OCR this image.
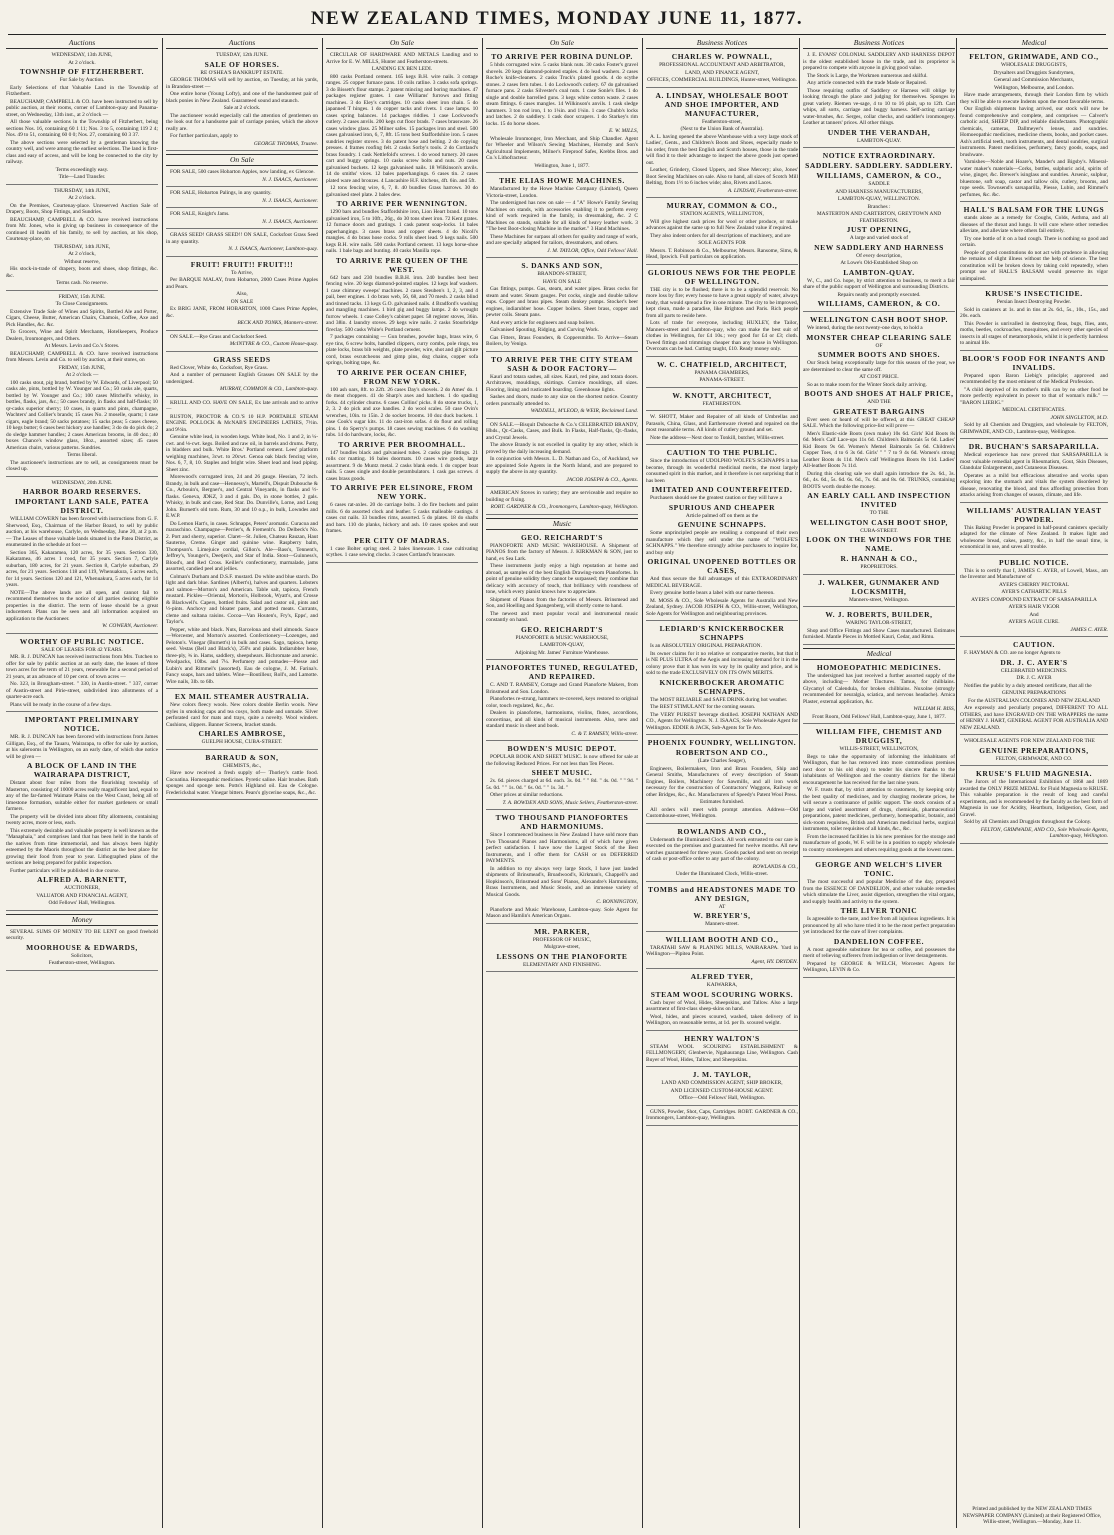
NEW ZEALAND TIMES, MONDAY JUNE 11, 1877.
Auctions

WEDNESDAY, 13th JUNE,

At 2 o'clock.

TOWNSHIP OF FITZHERBERT.

For Sale by Auction.

Early Selections of that Valuable Land in the Township of Fitzherbert.

BEAUCHAMP, CAMPBELL & CO. have been instructed to sell by public auction, at their rooms, corner of Lambton-quay and Panama-street, on Wednesday, 13th inst., at 2 o'clock —

All those valuable sections in the Township of Fitzherbert, being sections Nos. 16, containing 60 1 11; Nos. 3 to 5, containing 119 2 4; Nos. 49 to 51, containing 60 0 0; Nos. 27, containing 60 3 37.

The above sections were selected by a gentleman knowing the country well, and were among the earliest selections. The land is first-class and easy of access, and will be long be connected to the city by railway.

Terms exceedingly easy.

Title—Land Transfer.

THURSDAY, 14th JUNE,

At 2 o'clock.

On the Premises, Courtenay-place. Unreserved Auction Sale of Drapery, Boots, Shop Fittings, and Sundries.

BEAUCHAMP, CAMPBELL & CO. have received instructions from Mr. Jones, who is giving up business in consequence of the continued ill health of his family, to sell by auction, at his shop, Courtenay-place, on

THURSDAY, 14th JUNE,

At 2 o'clock,

Without reserve,

His stock-in-trade of drapery, boots and shoes, shop fittings, &c. &c.

Terms cash. No reserve.

FRIDAY, 15th JUNE.

To Close Consignments.

Extensive Trade Sale of Wines and Spirits, Bottled Ale and Porter, Cigars, Cheese, Butter, American Chairs, Chamois, Coffee, Axe and Pick Handles, &c. &c.

To Grocers, Wine and Spirit Merchants, Hotelkeepers, Produce Dealers, Ironmongers, and Others.

At Messrs. Levin and Co.'s Stores.

BEAUCHAMP, CAMPBELL & CO. have received instructions from Messrs. Levin and Co. to sell by auction, at their stores, on

FRIDAY, 15th JUNE,

At 2 o'clock —

100 casks stout, pig brand, bottled by W. Edwards, of Liverpool; 50 casks ale, pints, bottled by W. Younger and Co.; 50 casks ale, quarts, bottled by W. Younger and Co.; 100 cases Mitchell's whisky, in bottles, flasks, jars, &c.; 50 cases brandy, in flasks and half-flasks; 10 qr-casks superior sherry; 10 cases, in quarts and pints, champagne, Wachters' and Collier's brands; 15 cases No. 2 moselle, quarts; 1 case cigars, eagle brand; 50 sacks potatoes; 15 sacks peas; 5 cases cheese, 10 kegs butter; 6 cases best hickory axe handles; 3 do do do pick do; 2 do sledge hammer handles; 2 cases American brooms, in 40 doz.; 40 boxes Chance's window glass, 18oz., assorted sizes; 45 cases American chairs, various patterns. Sundries.

Terms liberal.

The auctioneer's instructions are to sell, as consignments must be closed up.

WEDNESDAY, 20th JUNE.

HARBOR BOARD RESERVES.

IMPORTANT LAND SALE, PATEA DISTRICT.

WILLIAM COWERN has been favored with instructions from G. F. Sherwood, Esq., Chairman of the Harbor Board, to sell by public auction, at his warehouse, Carlyle, on Wednesday, June 20, at 2 p.m. — The Leases of those valuable lands situated in the Patea District, as enumerated in the schedule at foot —

Section 365, Kakaramea, 120 acres, for 35 years. Section 330, Kakaramea, 46 acres 1 rood, for 35 years. Section 7, Carlyle suburban, 180 acres, for 21 years. Section 8, Carlyle suburban, 29 acres, for 21 years. Sections 118 and 119, Whenuakura, 5 acres each, for 14 years. Sections 120 and 121, Whenuakura, 5 acres each, for 14 years.

NOTE—The above lands are all open, and cannot fail to recommend themselves to the notice of all parties desiring eligible properties in the district. The term of lease should be a great inducement. Plans can be seen and all information acquired on application to the Auctioneer.

W. COWERN, Auctioneer.

WORTHY OF PUBLIC NOTICE.

SALE OF LEASES FOR 42 YEARS.

MR. R. J. DUNCAN has received instructions from Mrs. Tutchen to offer for sale by public auction at an early date, the leases of three town acres for the term of 21 years, renewable for a second period of 21 years, at an advance of 10 per cent. of town acres —

No. 323, in Brougham-street. " 330, in Austin-street. " 337, corner of Austin-street and Pirie-street, subdivided into allotments of a quarter-acre each.

Plans will be ready in the course of a few days.

IMPORTANT PRELIMINARY NOTICE.

MR. R. J. DUNCAN has been favored with instructions from James Gilligan, Esq., of the Tauaru, Wairarapa, to offer for sale by auction, at his salerooms in Wellington, on an early date, of which due notice will be given —

A BLOCK OF LAND IN THE WAIRARAPA DISTRICT,

Distant about four miles from the flourishing township of Masterton, consisting of 10000 acres really magnificent land, equal to any of the far-famed Waimate Plains on the West Coast, being all of limestone formation, suitable either for market gardeners or small farmers.

The property will be divided into about fifty allotments, containing twenty acres, more or less, each.

This extremely desirable and valuable property is well known as the "Manaphaia," and comprises land that has been held in the hands of the natives from time immemorial, and has always been highly esteemed by the Maoris throughout the district as the best place for growing their food from year to year. Lithographed plans of the sections are being prepared for public inspection.

Further particulars will be published in due course.

ALFRED A. BARNETT,

AUCTIONEER,

VALUATOR AND FINANCIAL AGENT,

Odd Fellows' Hall, Wellington.

Money

SEVERAL SUMS OF MONEY TO BE LENT on good freehold security.

MOORHOUSE & EDWARDS,

Solicitors,

Featherston-street, Wellington.

Auctions

TUESDAY, 12th JUNE.

SALE OF HORSES.

RE O'SHEA'S BANKRUPT ESTATE.

GEORGE THOMAS will sell by auction, on Tuesday, at his yards, in Brandon-street —

One entire horse (Young Lofty), and one of the handsomest pair of black ponies in New Zealand. Guaranteed sound and staunch.

Sale at 2 o'clock.

The auctioneer would especially call the attention of gentlemen on the look out for a handsome pair of carriage ponies, which the above really are.

For further particulars, apply to

GEORGE THOMAS, Trustee.

On Sale

FOR SALE, 500 cases Hobarton Apples, now landing, ex Glencoe.

N. J. ISAACS, Auctioneer.

FOR SALE, Hobarton Palings, in any quantity.

N. J. ISAACS, Auctioneer.

FOR SALE, Knight's Jams.

N. J. ISAACS, Auctioneer.

GRASS SEED! GRASS SEED!! ON SALE, Cocksfoot Grass Seed in any quantity.

N. J. ISAACS, Auctioneer, Lambton-quay.

FRUIT! FRUIT!! FRUIT!!!

To Arrive,

Per BARQUE MALAY, from Hobarton, 2000 Cases Prime Apples and Pears.

Also,

ON SALE

Ex BRIG JANE, FROM HOBARTON, 1000 Cases Prime Apples, &c.

BECK AND TONKS, Manners-street.

ON SALE.—Rye Grass and Cocksfoot Seed.

McINTYRE & CO., Custom House-quay.

GRASS SEEDS

Red Clover, White do, Cocksfoot, Rye Grass.

And a number of permanent English Grasses ON SALE by the undersigned.

MURRAY, COMMON & CO., Lambton-quay.

KRULL AND CO. HAVE ON SALE, Ex late arrivals and to arrive—

RUSTON, PROCTOR & CO.'S 10 H.P. PORTABLE STEAM ENGINE. POLLOCK & McNAB'S ENGINEERS LATHES, 7½in. and 9½in.

Genuine white lead, in wooden kegs. White lead, No. 1 and 2, in ¼-cwt. and ⅛-cwt. kegs. Boiled and raw oil, in barrels and drums. Putty, in bladders and bulk. White Bros.' Portland cement. Lees' platform weighing machines, 3cwt. to 20cwt. Genoa oak black fencing wire, Nos. 6, 7, 8, 10. Staples and bright wire. Sheet lead and lead piping. Sheet zinc.

Morewood's corrugated iron, 24 and 26 gauge. Hessian, 72 inch. Brandy, in bulk and case—Hennessy's, Martell's, Dispuit Dubouche & Co., Arbouin's, Bergner's, and Central Vineyards, in flasks and ½-flasks. Geneva, JDKZ, 3 and 4 gals. Do, in stone bottles, 2 gals. Whisky, in bulk and case, Red Star. Do. Dunville's, Lorne, and Long John. Burnett's old tom. Rum, 30 and 10 o.p., in bulk, Lowndes and E.W.P.

Do Lemon Hart's, in cases. Schnapps, Peters' aromatic. Curacoa and maraschino. Champagne—Perrier's, & Fremenlt's. Do Delbeck's No. 2. Port and sherry, superior. Claret—St. Julien, Chateau Rauzan, Haut Sauterne, Creme. Ginger and quinine wine. Raspberry balm, Thompson's. Limejuice cordial, Gillon's. Ale—Bass's, Tennent's, Jeffrey's, Younger's, Deetjen's, and Star of India. Stout—Guinness's, Blood's, and Red Cross. Keiller's confectionery, marmalade, jams assorted, candied peel and jellies.

Colman's Durham and D.S.F. mustard. Do white and blue starch. Do light and dark blue. Sardines (Albert's), halves and quarters. Lobsters and salmon—Morton's and American. Table salt, tapioca, French mustard. Pickles—Oriental, Morton's, Holbrook, Wyatt's, and Crosse & Blackwell's. Capers, bottled fruits. Salad and castor oil, pints and ½-pints. Anchovy and bloater paste, and potted meats. Currants, cleme and sultana raisins. Cocoa—Van Houten's, Fry's, Epps', and Taylor's.

Pepper, white and black. Nuts, Barcelona and shell almonds. Sauce—Worcester, and Morton's assorted. Confectionery—Lozenges, and Peloton's. Vinegar (Burnett's) in bulk and cases. Sago, tapioca, hemp seed. Vestas (Bell and Black's), 250's and plaids. Indiarubber hose, three-ply, ¾ in. Hams, saddlery, sheepshears. Bichromate and arsenic. Woolpacks, 10lbs. and 7¼. Perfumery and pomades—Piesse and Lubin's and Rimmel's (assorted). Eau de cologne, J. M. Farina's. Fancy soaps, bars and tablets. Wine—Boutilleur, Roll's, and Lamotte. Wire nails, 3lb. to 6lb.

EX MAIL STEAMER AUSTRALIA.

New colors fleecy wools. New colors double Berlin wools. New styles in smoking caps and tea cosys, both made and unmade. Silver perforated card for mats and trays, quite a novelty. Wool winders. Cushions, slippers. Banner Screens, bracket stands.

CHARLES AMBROSE,

GUELPH HOUSE, CUBA-STREET.

BARRAUD & SON,

CHEMISTS, &c.,

Have now received a fresh supply of— Thorley's cattle food. Cocoatina. Homeopathic medicines. Pyretic saline. Hair brushes. Bath sponges and sponge nets. Potts's Highland oil. Eau de Cologne. Fredericksbal water. Vinegar bitters. Pears's glycerine soaps, &c., &c.

On Sale

CIRCULAR OF HARDWARE AND METALS Landing and to Arrive for E. W. MILLS, Hunter and Featherston-streets.

LANDING EX BEN LEDI.

800 casks Portland cement. 165 kegs B.H. wire nails. 3 cottage ranges. 25 copper furnace pans. 10 coils ratline. 3 casks sofa springs. 3 do Bissett's flour stamps. 2 patent mincing and boring machines. 47 packages register grates. 1 case Williams' furrows and fitting machines. 3 do Eley's cartridges. 10 casks sheet iron chain. 5 do japanned T hinges. 1 do copper tacks and rivets. 1 case lamps. 10 cases spring balances. 14 packages riddles. 1 case Lockwood's cutlery. 2 cases anvils. 200 kegs cut floor brads. 7 cases brassware. 26 cases window glass. 25 Milner safes. 15 packages iron and steel. 500 cases galvanised iron, 6, 7, 8ft. 15 tons best Staffordshire iron. 5 cases sundries register stoves. 3 do patent hose and belting. 2 do copying presses. 4 frames roofing felt. 2 casks Sorby's tools. 2 do Cortland's brass foundry. 1 cask Nettlefold's screws. 1 do wood turnery. 20 cases cart and buggy springs. 10 casks screw bolts and nuts. 20 cases galvanised buckets. 12 kegs galvanised nails. 18 Wilkinson's anvils. 14 do smiths' vices. 12 bales paperhangings. 6 cases tin. 2 cases plated ware and bronzes. 4 Lancashire H.F. kitchens, 4ft. 6in. and 5ft.

12 tons fencing wire, 6, 7, 8. 40 bundles Grass harrows. 30 do galvanised steel plate. 2 bales dew.

TO ARRIVE PER WENNINGTON.

1290 bars and bundles Staffordshire iron, Lion Heart brand. 10 tons galvanised iron, 5 to 10ft., 26g., do 30 tons sheet iron. 72 Kent grates. 12 furnace doors and gratings. 1 cask patent soap-locks. 14 bales paperhangings. 3 cases brass and copper sheets. 4 do Nicoll's mangles. 4 do brass hose cocks. 9 rolls sheet lead. 9 kegs nails. 500 kegs B.H. wire nails. 500 casks Portland cement. 13 kegs horse-shoe nails. 1 bale bags and bunting. 40 casks Manilla rope.

TO ARRIVE PER QUEEN OF THE WEST.

642 bars and 230 bundles B.B.H. iron. 240 bundles best best fencing wire. 20 kegs diamond-pointed staples. 12 kegs leaf washers. 1 case chimney sweeps' machines. 2 cases Steuben's 1, 2, 3, and 4 pail, beer engines. 1 do brass web, 56, 68, and 70 mesh. 2 casks blind and tinned tacks. 13 kegs G.O. galvanised nails. 4 Bradford's washing and mangling machines. 1 bird gig and buggy lamps. 2 do wrought furrow wheels. 1 case Colley's cabinet paper. 58 register stoves, 36in. and 38in. 4 laundry stoves. 29 kegs wire nails. 2 casks Stourbridge fireclay. 500 casks White's Portland cement.

7 packages containing — Gun brushes, powder bags, brass wire, 6 eye tins, 6 screw bolts, handled clippers, curry combs, pole rings, tea plate locks, brass bib weights, plate powder, wire, shot and gilt picture cord, brass escutcheons and gimp pins, dog chains, copper sofa springs, bolting tape, &c.

TO ARRIVE PER OCEAN CHIEF, FROM NEW YORK.

100 ash oars, 8ft. to 22ft. 26 cases Day's shovels. 2 do Ames' do. 1 do meat choppers. 41 do Sharp's axes and hatchets. 1 do spading forks. 44 cylinder churns. 6 cases Collins' picks. 8 do stone trucks, 1, 2, 3. 2 do pick and axe handles. 2 do wool scales. 50 case Ovin's wrenches, 10in. to 15in. 2 do socket brooms. 10 doz duck buckets. 1 case Cook's sugar kits. 11 do cast-iron sofas. 4 do flour and rolling pins. 1 do Sperry's pumps. 18 cases sewing machines. 6 do washing tubs. 14 do hardware, locks, &c.

TO ARRIVE PER BROOMHALL.

147 bundles black and galvanised tubes. 2 casks pipe fittings. 21 rolls cor matting. 16 bales doormats. 10 cases wire goods, large assortment. 9 do Muntz metal. 2 casks blank ends. 1 do copper boat nails. 5 cases single and double perambulators. 1 cask gas screws. 4 cases brass goods.

TO ARRIVE PER ELSINORE, FROM NEW YORK.

6 cases rat-axles. 20 do carriage bolts. 3 do fire buckets and paint mills. 6 do assorted clock and leather. 5 casks malleable castings. 4 cases cut nails. 33 bundles rims, assorted. 5 do plates. 18 do shafts and bars. 110 do planks, hickory and ash. 10 cases spokes and seat frames.

PER CITY OF MADRAS.

1 case Bolter spring steel. 2 bales linenware. 1 case cultivating scythes. 1 case sewing clocks. 3 cases Cortland's brassware.

On Sale

TO ARRIVE PER ROBINA DUNLOP.

5 hhds corrugated wire. 5 casks blank nuts. 30 casks Foster's gravel shovels. 20 kegs diamond-pointed staples. 4 do lead washers. 2 cases Roche's knife-cleaners. 2 casks Truck's plated goods. 4 do scythe stones. 2 cases fern tubes. 1 do Lockwood's cutlery. 67 do galvanised furnace pans. 2 casks Silvester's coal nuts. 1 case Sonle's files. 1 do single and double barrelled guns. 3 kegs white cotton waste. 2 cases steam fittings. 6 cases mangles. 14 Wilkinson's anvils. 1 cask sledge hammers. 3 ton rod iron, 1 to 1¼in. and 1¼in. 1 case Chubb's locks and latches. 2 do saddlery. 1 cask door scrapers. 1 do Starkey's rim locks. 15 do horse shoes.

E. W. MILLS,

Wholesale Ironmonger, Iron Merchant, and Ship Chandler. Agent for Wheeler and Wilson's Sewing Machines, Hornsby and Son's Agricultural Implements, Milner's Fireproof Safes, Krebbs Bros. and Co.'s Lithofracteur.

Wellington, June 1, 1877.

THE ELIAS HOWE MACHINES.

Manufactured by the Howe Machine Company (Limited), Queen Victoria-street, London.

The undersigned has now on sale — 4 "A" Howe's Family Sewing Machines on stands, with accessories enabling it to perform every kind of work required in the family, in dressmaking, &c. 2 C Machines on stands, suitable for all kinds of heavy leather work. 3 "The best Boot-closing Machine in the market." 3 Hand Machines.

These Machines for surpass all others for quality and range of work, and are specially adapted for tailors, dressmakers, and others.

J. M. TAYLOR, Office, Odd Fellows' Hall.

S. DANKS AND SON,

BRANDON-STREET,

HAVE ON SALE

Gas fittings, pumps. Gas, steam, and water pipes. Brass cocks for steam and water. Steam gauges. Pot cocks, single and double tallow cups. Copper and brass pipes. Steam donkey pumps. Stocker's beer engines, indiarubber hose. Copper boilers. Sheet brass, copper and pewter coils. Steam pans.

And every article for engineers and soap boilers.

Galvanised Spouting, Ridging, and Curving Work.

Gas Fitters, Brass Founders, & Coppersmiths. To Arrive—Steam Boilers, by Venigo.

TO ARRIVE PER THE CITY STEAM SASH & DOOR FACTORY—

Kauri and totara sashes, all sizes. Kauri, red pine, and totara doors. Architraves, mouldings, skirtings. Cornice mouldings, all sizes. Flooring, lining and rusticated boarding. Greenhouse lights.

Sashes and doors, made to any size on the shortest notice. Country orders punctually attended to.

WADDELL, M'LEOD, & WEIR, Reclaimed Land.

ON SALE.—Bisquit Dubouche & Co.'s CELEBRATED BRANDY, Hhds., Qr.-Casks, Cases, and Bulk. In Flasks, Half-flasks, Qr.-flasks, and Crystal Jewels.

The above Brandy is not excelled in quality by any other, which is proved by the daily increasing demand.

In conjunction with Messrs. L. D. Nathan and Co., of Auckland, we are appointed Sole Agents in the North Island, and are prepared to supply the above in any quantity.

JACOB JOSEPH & CO., Agents.

AMERICAN Stoves in variety; they are serviceable and require no building or fixing.

ROBT. GARDNER & CO., Ironmongers, Lambton-quay, Wellington.

Music

GEO. REICHARDT'S

PIANOFORTE AND MUSIC WAREHOUSE. A Shipment of PIANOS from the factory of Messrs. J. KIRKMAN & SON, just to hand, ex Sea Lark.

These instruments justly enjoy a high reputation at home and abroad, as samples of the best English Drawing-room Pianofortes. In point of genuine solidity they cannot be surpassed; they combine that delicacy with accuracy of touch, that brilliancy with roundness of tone, which every pianist knows how to appreciate.

Shipment of Pianos from the factories of Messrs. Brinsmead and Son, and Hoelling and Spangenberg, will shortly come to hand.

The newest and most popular vocal and instrumental music constantly on hand.

GEO. REICHARDT'S

PIANOFORTE & MUSIC WAREHOUSE,

LAMBTON-QUAY,

Adjoining Mr. James' Furniture Warehouse.

PIANOFORTES TUNED, REGULATED, AND REPAIRED.

C. AND T. RAMSEY, Cottage and Grand Pianoforte Makers, from Brinsmead and Son. London.

Pianofortes re-strung, hammers re-covered, keys restored to original color, touch regulated, &c., &c.

Dealers in pianofortes, harmoniums, violins, flutes, accordions, concertinas, and all kinds of musical instruments. Also, new and standard music in sheet and book.

C. & T. RAMSEY, Willis-street.

BOWDEN'S MUSIC DEPOT.

POPULAR BOOK AND SHEET MUSIC. Is now offered for sale at the following Reduced Prices. For not less than Ten Pieces.

SHEET MUSIC.

2s. 6d. pieces charged at 6d. each. 3s. 0d. " " 8d. " 4s. 0d. " " 9d. " 5s. 0d. " " 1s. 0d. " 6s. 0d. " " 1s. 3d. "

Other prices at similar reductions.

T. A. BOWDEN AND SONS, Music Sellers, Featherston-street.

TWO THOUSAND PIANOFORTES AND HARMONIUMS.

Since I commenced business in New Zealand I have sold more than Two Thousand Pianos and Harmoniums, all of which have given perfect satisfaction. I have now the Largest Stock of the Best Instruments, and I offer them for CASH or on DEFERRED PAYMENTS.

In addition to my always very large Stock, I have just landed shipments of Brinsmead's, Broadwood's, Kirkman's, Chappell's and Hopkinson's, Brinsmead and Sons' Pianos, Alexandre's Harmoniums, Brass Instruments, and Music Stools, and an immense variety of Musical Goods.

C. BONNINGTON,

Pianoforte and Music Warehouse, Lambton-quay. Sole Agent for Mason and Hamlin's American Organs.

MR. PARKER,

PROFESSOR OF MUSIC,

Mulgrave-street,

LESSONS ON THE PIANOFORTE

ELEMENTARY AND FINISHING.

Business Notices

CHARLES W. POWNALL,

PROFESSIONAL ACCOUNTANT AND ARBITRATOR,

LAND, AND FINANCE AGENT,

OFFICES, COMMERCIAL BUILDINGS, Hunter-street, Wellington.

A. LINDSAY, WHOLESALE BOOT AND SHOE IMPORTER, AND MANUFACTURER,

Featherston-street,

(Next to the Union Bank of Australia).

A. L. having opened the above Warehouse with a very large stock of Ladies', Gents., and Children's Boots and Shoes, especially made to his order, from the best English and Scotch houses, those in the trade will find it to their advantage to inspect the above goods just opened out.

Leather, Grindery, Closed Uppers, and Shoe Mercery; also, Jones' Boot Sewing Machines on sale. Also to hand, all sizes of Scotch Mill Belting, from 1½ to 6 inches wide; also, Rivets and Laces.

A. LINDSAY, Featherston-street.

MURRAY, COMMON & CO.,

STATION AGENTS, WELLINGTON,

Will give highest cash prices for wool or other produce, or make advances against the same up to full New Zealand value if required.

They also indent orders for all descriptions of machinery, and are

SOLE AGENTS FOR

Messrs. T. Robinson & Co., Melbourne; Messrs. Ransome, Sims, & Head, Ipswich. Full particulars on application.

GLORIOUS NEWS FOR THE PEOPLE OF WELLINGTON.

THE city is to be flushed; there is to be a splendid reservoir. No more loss by fire; every house to have a great supply of water, always ready, that would spread a fire in one minute. The city to be improved, kept clean, made a paradise, like Brighton and Paris. Rich people from all parts to reside here.

Lots of trade for everyone, including HUXLEY, the Tailor, Manners-street and Lambton-quay, who can make the best suit of clothes in Wellington, for £4 10s.; very good for £4 or £3; cloth. Tweed fittings and trimmings cheaper than any house in Wellington. Overcoats can be had. Cutting taught, £10. Ready money only.

W. C. CHATFIELD, ARCHITECT,

PANAMA CHAMBERS,

PANAMA-STREET.

W. KNOTT, ARCHITECT,

FEATHERSTON.

W. SHOTT, Maker and Repairer of all kinds of Umbrellas and Parasols, China, Glass, and Earthenware riveted and repaired on the most reasonable terms. All kinds of cutlery ground and set.

Note the address—Next door to Tonkill, butcher, Willis-street.

CAUTION TO THE PUBLIC.

Since the introduction of UDOLPHO WOLFE'S SCHNAPPS it has become, through its wonderful medicinal merits, the most largely consumed spirit in this market, and it therefore is not surprising that it has been

IMITATED AND COUNTERFEITED.

Purchasers should see the greatest caution or they will have a

SPURIOUS AND CHEAPER

Article palmed off on them as the

GENUINE SCHNAPPS.

Some unprincipled people are retailing a compound of their own manufacture which they sell under the name of "WOLFE'S SCHNAPPS." We therefore strongly advise purchasers to inquire for, and buy only

ORIGINAL UNOPENED BOTTLES OR CASES,

And thus secure the full advantages of this EXTRAORDINARY MEDICAL BEVERAGE.

Every genuine bottle bears a label with our name thereon.

M. MOSS & CO., Sole Wholesale Agents for Australia and New Zealand, Sydney. JACOB JOSEPH & CO., Willis-street, Wellington, Sole Agents for Wellington and neighbouring provinces.

LEDIARD'S KNICKERBOCKER SCHNAPPS

Is an ABSOLUTELY ORIGINAL PREPARATION.

Its owner claims for it no relative or comparative merits, but that it is NE PLUS ULTRA of the Aegis and increasing demand for it in the colony prove that it has won its way by its quality and price, and is sold to the trade EXCLUSIVELY ON ITS OWN MERITS.

KNICKERBOCKER AROMATIC SCHNAPPS.

The MOST RELIABLE and SAFE DRINK during hot weather.

The BEST STIMULANT for the coming season.

The VERY PUREST beverage distilled. JOSEPH NATHAN AND CO., Agents for Wellington. N. J. ISAACS, Sole Wholesale Agent for Wellington. EDDIE & JACK, Sub-Agents for Te Aro.

PHOENIX FOUNDRY, WELLINGTON.

ROBERTSON AND CO.,

(Late Charles Seager),

Engineers, Boilermakers, Iron and Brass Founders, Ship and General Smiths, Manufacturers of every description of Steam Engines, Boilers, Machinery for Sawmills, and all iron work necessary for the construction of Contractors' Waggons, Railway or other Bridges, &c., &c. Manufacturers of Speedy's Patent Wool Press.

Estimates furnished.

All orders will meet with prompt attention. Address—Old Customhouse-street, Wellington.

ROWLANDS AND CO.,

Underneath the Illuminated Clock. All work entrusted to our care is executed on the premises and guaranteed for twelve months. All new watches guaranteed for three years. Goods packed and sent on receipt of cash or post-office order to any part of the colony.

ROWLANDS & CO.,

Under the Illuminated Clock, Willis-street.

TOMBS and HEADSTONES MADE TO ANY DESIGN,

AT

W. BREYER'S,

Manners-street.

WILLIAM BOOTH AND CO.,

TARATAHI SAW & PLANING MILLS, WAIRARAPA. Yard in Wellington—Pipitea Point.

Agent, HY. DRYDEN.

ALFRED TYER,

KAIWARRA,

STEAM WOOL SCOURING WORKS.

Cash buyer of Wool, Hides, Sheepskins, and Tallow. Also a large assortment of first-class sheep-skins on hand.

Wool, hides, and pieces scoured, washed, taken delivery of in Wellington, on reasonable terms, at 1d. per lb. scoured weight.

HENRY WALTON'S

STEAM WOOL SCOURING ESTABLISHMENT & FELLMONGERY, Glenbervie, Ngahauranga Line, Wellington. Cash Buyer of Wool, Hides, Tallow, and Sheepskins.

J. M. TAYLOR,

LAND AND COMMISSION AGENT, SHIP BROKER,

AND LICENSED CUSTOM-HOUSE AGENT.

Office—Odd Fellows' Hall, Wellington.

GUNS, Powder, Shot, Caps, Cartridges. ROBT. GARDNER & CO., Ironmongers, Lambton-quay, Wellington.

Business Notices

J. E. EVANS' COLONIAL SADDLERY AND HARNESS DEPOT is the oldest established house in the trade, and its proprietor is prepared to compete with anyone in giving good value.

The Stock is Large, the Workmen numerous and skilful.

Any article connected with the trade Made or Repaired.

Those requiring outfits of Saddlery or Harness will oblige by looking through the place and judging for themselves. Sponges in great variety. Riemen ve-sage, 4 to 10 to 16 plait, up to 12ft. Cart whips, all sorts, carriage and buggy harness. Self-acting carriage water-brushes, &c. Serges, collar checks, and saddler's ironmongery. Leather at tanners' prices. All other things.

UNDER THE VERANDAH,

LAMBTON-QUAY.

NOTICE EXTRAORDINARY.

SADDLERY. SADDLERY. SADDLERY.

WILLIAMS, CAMERON, & CO.,

SADDLE

AND HARNESS MANUFACTURERS,

LAMBTON-QUAY, WELLINGTON.

Branches :

MASTERTON AND CARTERTON, GREYTOWN AND FEATHERSTON.

JUST OPENING,

A large and varied stock of

NEW SADDLERY AND HARNESS

Of every description,

At Lowe's Old-Established Shop on

LAMBTON-QUAY.

W., C., and Co. hope, by strict attention to business, to merit a fair share of the public support of Wellington and surrounding Districts.

Repairs neatly and promptly executed.

WILLIAMS, CAMERON, & CO.

WELLINGTON CASH BOOT SHOP.

We intend, during the next twenty-one days, to hold a

MONSTER CHEAP CLEARING SALE

OF

SUMMER BOOTS AND SHOES.

Our Stock being exceptionally large for this season of the year, we are determined to clear the same off.

AT COST PRICE.

So as to make room for the Winter Stock daily arriving.

BOOTS AND SHOES AT HALF PRICE,

AND THE

GREATEST BARGAINS

Ever seen or heard of will be offered, at this GREAT CHEAP SALE. Which the following price-list will prove —

Men's Elastic-side Boots (own make) 10s 6d. Girls' Kid Boots 8s 6d. Men's Calf Lace-ups 11s 6d. Children's Balmorals 5s 6d. Ladies' Kid Boots 9s 6d. Women's Memel Balmorals 5s 6d. Children's Copper Toes, 4 to 6 3s 6d. Girls' " " 7 to 9 4s 6d. Women's strong Leather Boots 4s 11d. Men's calf Wellington Boots 8s 11d. Ladies' All-leather Boots 7s 11d.

During this clearing sale we shall again introduce the 2s. 6d., 3s. 6d., 4s. 6d., 5s. 6d. 6s. 6d., 7s. 6d. and 8s. 6d. TRUNKS, containing BOOTS worth double the money.

AN EARLY CALL AND INSPECTION INVITED

TO THE

WELLINGTON CASH BOOT SHOP,

CUBA-STREET.

LOOK ON THE WINDOWS FOR THE NAME.

R. HANNAH & CO.,

PROPRIETORS.

J. WALKER, GUNMAKER AND LOCKSMITH,

Manners-street, Wellington.

W. J. ROBERTS, BUILDER,

WARING TAYLOR-STREET,

Shop and Office Fittings and Show Cases manufactured. Estimates furnished. Mantle Pieces in Mottled Kauri, Cedar, and Rimu.

Medical

HOMOEOPATHIC MEDICINES.

The undersigned has just received a further assorted supply of the above, including— Mother Tinctures. Tamus, for chilblains. Glycamyl of Calendula, for broken chilblains. Nuxolne (strongly recommended for neuralgia, sciatica, and nervous headache). Arnica Plaster, external application, &c.

WILLIAM H. BISS,

Front Room, Odd Fellows' Hall, Lambton-quay, June 1, 1877.

WILLIAM FIFE, CHEMIST AND DRUGGIST,

WILLIS-STREET, WELLINGTON,

Begs to take the opportunity of informing the inhabitants of Wellington, that he has removed into more commodious premises next door to his old shop) to tender his sincere thanks to the inhabitants of Wellington and the country districts for the liberal encouragement he has received for the last nine years.

W. F. trusts that, by strict attention to customers, by keeping only the best quality of medicines, and by charging moderate prices, he will secure a continuance of public support. The stock consists of a large and varied assortment of drugs, chemicals, pharmaceutical preparations, patent medicines, perfumery, homeopathic, botanic, and sick-room requisites, British and American medicinal herbs, surgical instruments, toilet requisites of all kinds, &c., &c.

From the increased facilities in his new premises for the storage and manufacture of goods, W. F. will be in a position to supply wholesale to country storekeepers and others requiring goods at the lowest rates.

GEORGE AND WELCH'S LIVER TONIC.

The most successful and popular Medicine of the day, prepared from the ESSENCE OF DANDELION, and other valuable remedies which stimulate the Liver, assist digestion, strengthen the vital organs, and supply health and activity to the system.

THE LIVER TONIC

Is agreeable to the taste, and free from all injurious ingredients. It is pronounced by all who have tried it to be the most perfect preparation yet introduced for the cure of liver complaints.

DANDELION COFFEE.

A most agreeable substitute for tea or coffee, and possesses the merit of relieving sufferers from indigestion or liver derangements.

Prepared by GEORGE & WELCH, Worcester. Agents for Wellington, LEVIN & Co.

Medical

FELTON, GRIMWADE, AND CO.,

WHOLESALE DRUGGISTS,

Drysalters and Druggists Sundrymen,

General and Commission Merchants,

Wellington, Melbourne, and London.

Have made arrangements, through their London firm by which they will be able to execute Indents upon the most favorable terms.

Our English shipments having arrived, our stock will now be found comprehensive and complete, and comprises — Calvert's carbolic acid, SHEEP DIP, and reliable disinfectants. Photographic chemicals, cameras, Dallmeyer's lenses, and sundries. Homoeopathic medicines, medicine chests, books, and pocket cases. Ash's artificial teeth, tooth instruments, and dental sundries, surgical instruments. Patent medicines, perfumery, fancy goods, soaps, and brushware.

Varnishes—Noble and Hoare's, Mander's and Bigsby's. Mineral-water maker's materials—Corks, bottles, sulphuric acid, spirits of wine, ginger, &c. Brewer's isinglass and sundries. Arsenic, sulphur, bluestone, soft soap, castor and tallow oils, cutlery, brooms, and rope seeds. Townsend's sarsaparilla, Piesse, Lubin, and Rimmel's perfumes, &c. &c.

HALL'S BALSAM FOR THE LUNGS

stands alone as a remedy for Coughs, Colds, Asthma, and all diseases of the throat and lungs. It will cure where other remedies alleviate, and alleviate where others fail entirely.

Try one bottle of it on a bad cough. There is nothing so good and certain.

People of good constitutions do not act with prudence in allowing the remains of slight illness without the help of science. The best constitution will be broken down by taking cold repeatedly, when prompt use of HALL'S BALSAM would preserve its vigor unimpaired.

KRUSE'S INSECTICIDE.

Persian Insect Destroying Powder.

Sold in canisters at 1s. and in tins at 2s. 6d., 5s., 10s., 15s., and 20s. each.

This Powder is unrivalled in destroying fleas, bugs, flies, ants, moths, beetles, cockroaches, mosquitoes, and every other species of insects in all stages of metamorphosis, whilst it is perfectly harmless to animal life.

BLOOR'S FOOD FOR INFANTS AND INVALIDS.

Prepared upon Baron Liebig's principle; approved and recommended by the most eminent of the Medical Profession.

"A child deprived of its mother's milk can by no other food be more perfectly equivalent in power to that of woman's milk." — "BARON LIEBIG."

MEDICAL CERTIFICATES.

JOHN SINGLETON, M.D.

Sold by all Chemists and Druggists, and wholesale by FELTON, GRIMWADE, AND CO., Lambton-quay, Wellington.

DR. BUCHAN'S SARSAPARILLA.

Medical experience has now proved that SARSAPARILLA is most valuable remedial agent in Rheumatism, Gout, Skin Diseases, Glandular Enlargements, and Cutaneous Diseases.

Operates as a mild but efficacious alterative and works upon exploring into the stomach and vitals the system disordered by disease, renovating the blood, and thus affording protection from attacks arising from changes of season, climate, and life.

WILLIAMS' AUSTRALIAN YEAST POWDER.

This Baking Powder is prepared in half-pound canisters specially adapted for the climate of New Zealand. It makes light and wholesome bread, cakes, pastry, &c., in half the usual time, is economical in use, and saves all trouble.

PUBLIC NOTICE.

This is to certify that I, JAMES C. AYER, of Lowell, Mass., am the Inventor and Manufacturer of

AYER'S CHERRY PECTORAL

AYER'S CATHARTIC PILLS

AYER'S COMPOUND EXTRACT OF SARSAPARILLA

AYER'S HAIR VIGOR

And

AYER'S AGUE CURE.

JAMES C. AYER.

CAUTION.

F. HAYMAN & CO. are no longer Agents to

DR. J. C. AYER'S

CELEBRATED MEDICINES.

DR. J. C. AYER

Notifies the public by a duly attested certificate, that all the

GENUINE PREPARATIONS

For the AUSTRALIAN COLONIES AND NEW ZEALAND

Are expressly and peculiarly prepared, DIFFERENT TO ALL OTHERS, and have ENGRAVED ON THE WRAPPERS the name of HENRY J. HART, GENERAL AGENT FOR AUSTRALIA AND NEW ZEALAND.

WHOLESALE AGENTS FOR NEW ZEALAND FOR THE

GENUINE PREPARATIONS,

FELTON, GRIMWADE, AND CO.

KRUSE'S FLUID MAGNESIA.

The Jurors of the International Exhibition of 1868 and 1869 awarded the ONLY PRIZE MEDAL for Fluid Magnesia to KRUSE. This valuable preparation is the result of long and careful experiments, and is recommended by the faculty as the best form of Magnesia in use for Acidity, Heartburn, Indigestion, Gout, and Gravel.

Sold by all Chemists and Druggists throughout the Colony.

FELTON, GRIMWADE, AND CO., Sole Wholesale Agents, Lambton-quay, Wellington.

Printed and published by the NEW ZEALAND TIMES NEWSPAPER COMPANY (Limited) at their Registered Office, Willis-street, Wellington.—Monday, June 11.
